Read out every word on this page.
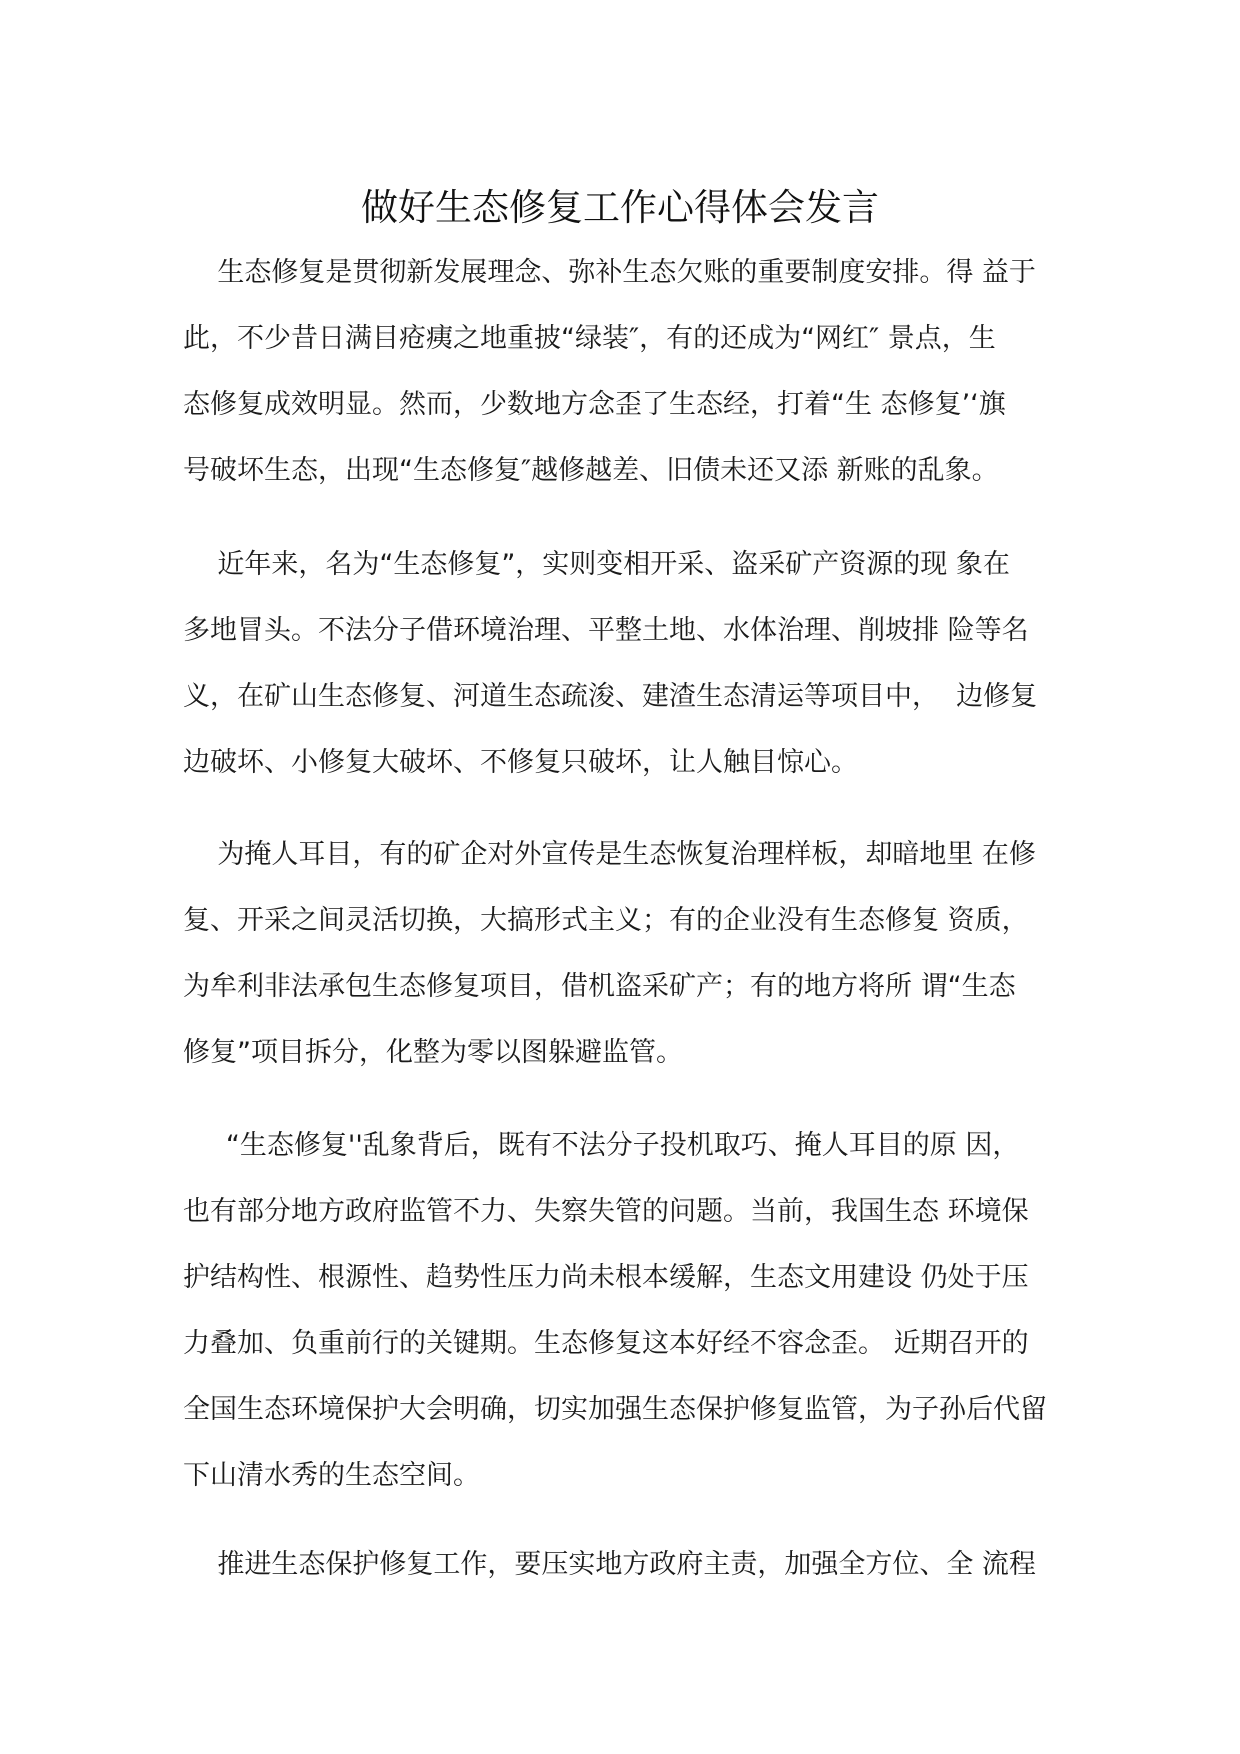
做好生态修复工作心得体会发言
生态修复是贯彻新发展理念、弥补生态欠账的重要制度安排。得 益于
此，不少昔日满目疮痍之地重披“绿装″，有的还成为“网红″ 景点，生
态修复成效明显。然而，少数地方念歪了生态经，打着“生 态修复’‘旗
号破坏生态，出现“生态修复″越修越差、旧债未还又添 新账的乱象。
近年来，名为“生态修复”，实则变相开采、盗采矿产资源的现 象在
多地冒头。不法分子借环境治理、平整土地、水体治理、削坡排 险等名
义，在矿山生态修复、河道生态疏浚、建渣生态清运等项目中，  边修复
边破坏、小修复大破坏、不修复只破坏，让人触目惊心。
为掩人耳目，有的矿企对外宣传是生态恢复治理样板，却暗地里 在修
复、开采之间灵活切换，大搞形式主义；有的企业没有生态修复 资质，
为牟利非法承包生态修复项目，借机盗采矿产；有的地方将所 谓“生态
修复”项目拆分，化整为零以图躲避监管。
“生态修复''乱象背后，既有不法分子投机取巧、掩人耳目的原 因，
也有部分地方政府监管不力、失察失管的问题。当前，我国生态 环境保
护结构性、根源性、趋势性压力尚未根本缓解，生态文用建设 仍处于压
力叠加、负重前行的关键期。生态修复这本好经不容念歪。 近期召开的
全国生态环境保护大会明确，切实加强生态保护修复监管，为子孙后代留
下山清水秀的生态空间。
推进生态保护修复工作，要压实地方政府主责，加强全方位、全 流程
